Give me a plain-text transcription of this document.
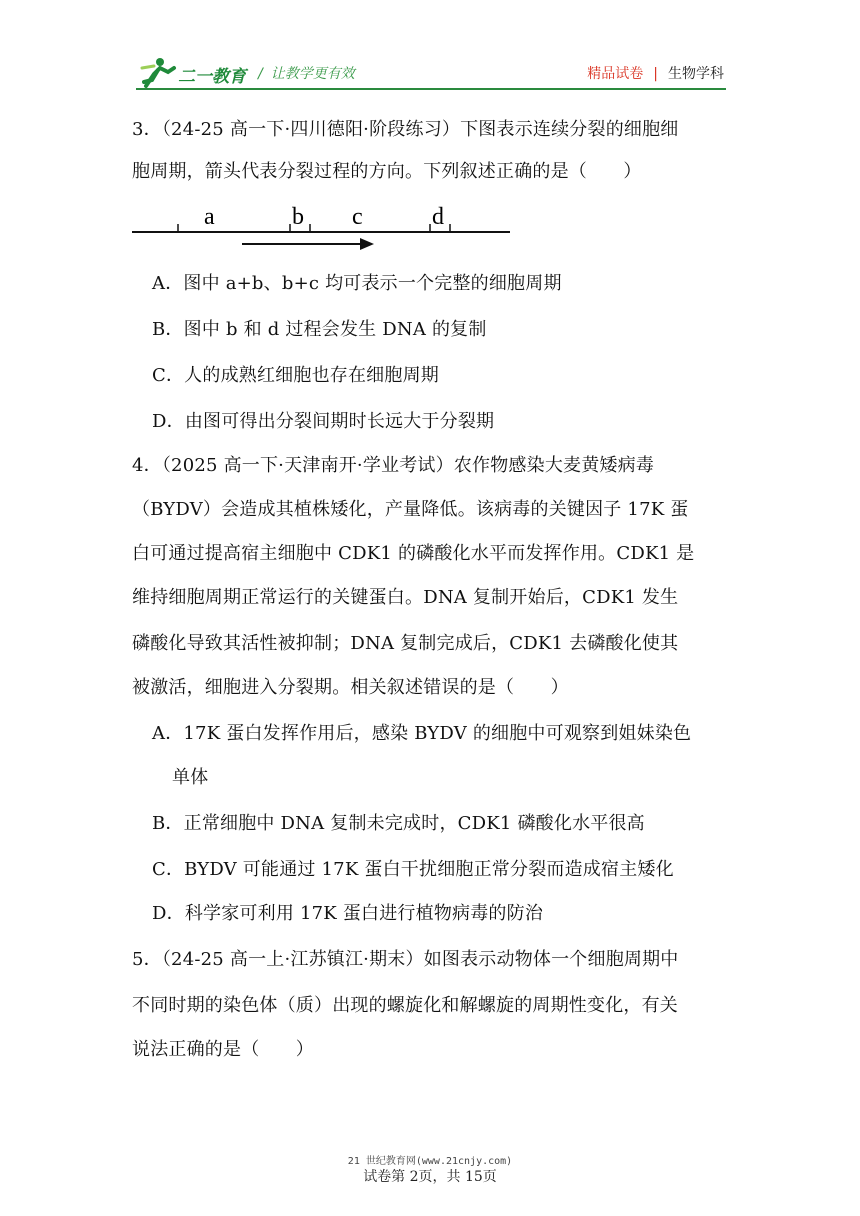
二一教育 / 让教学更有效	精品试卷 | 生物学科
3．（24-25 高一下·四川德阳·阶段练习）下图表示连续分裂的细胞细
胞周期，箭头代表分裂过程的方向。下列叙述正确的是（　　）
a	b c	d
A．图中 a+b、b+c 均可表示一个完整的细胞周期
B．图中 b 和 d 过程会发生 DNA 的复制
C．人的成熟红细胞也存在细胞周期
D．由图可得出分裂间期时长远大于分裂期
4．（2025 高一下·天津南开·学业考试）农作物感染大麦黄矮病毒
（BYDV）会造成其植株矮化，产量降低。该病毒的关键因子 17K 蛋
白可通过提高宿主细胞中 CDK1 的磷酸化水平而发挥作用。CDK1 是
维持细胞周期正常运行的关键蛋白。DNA 复制开始后，CDK1 发生
磷酸化导致其活性被抑制；DNA 复制完成后，CDK1 去磷酸化使其
被激活，细胞进入分裂期。相关叙述错误的是（　　）
A．17K 蛋白发挥作用后，感染 BYDV 的细胞中可观察到姐妹染色
单体
B．正常细胞中 DNA 复制未完成时，CDK1 磷酸化水平很高
C．BYDV 可能通过 17K 蛋白干扰细胞正常分裂而造成宿主矮化
D．科学家可利用 17K 蛋白进行植物病毒的防治
5．（24-25 高一上·江苏镇江·期末）如图表示动物体一个细胞周期中
不同时期的染色体（质）出现的螺旋化和解螺旋的周期性变化，有关
说法正确的是（　　）
21 世纪教育网(www.21cnjy.com)
试卷第 2页，共 15页
